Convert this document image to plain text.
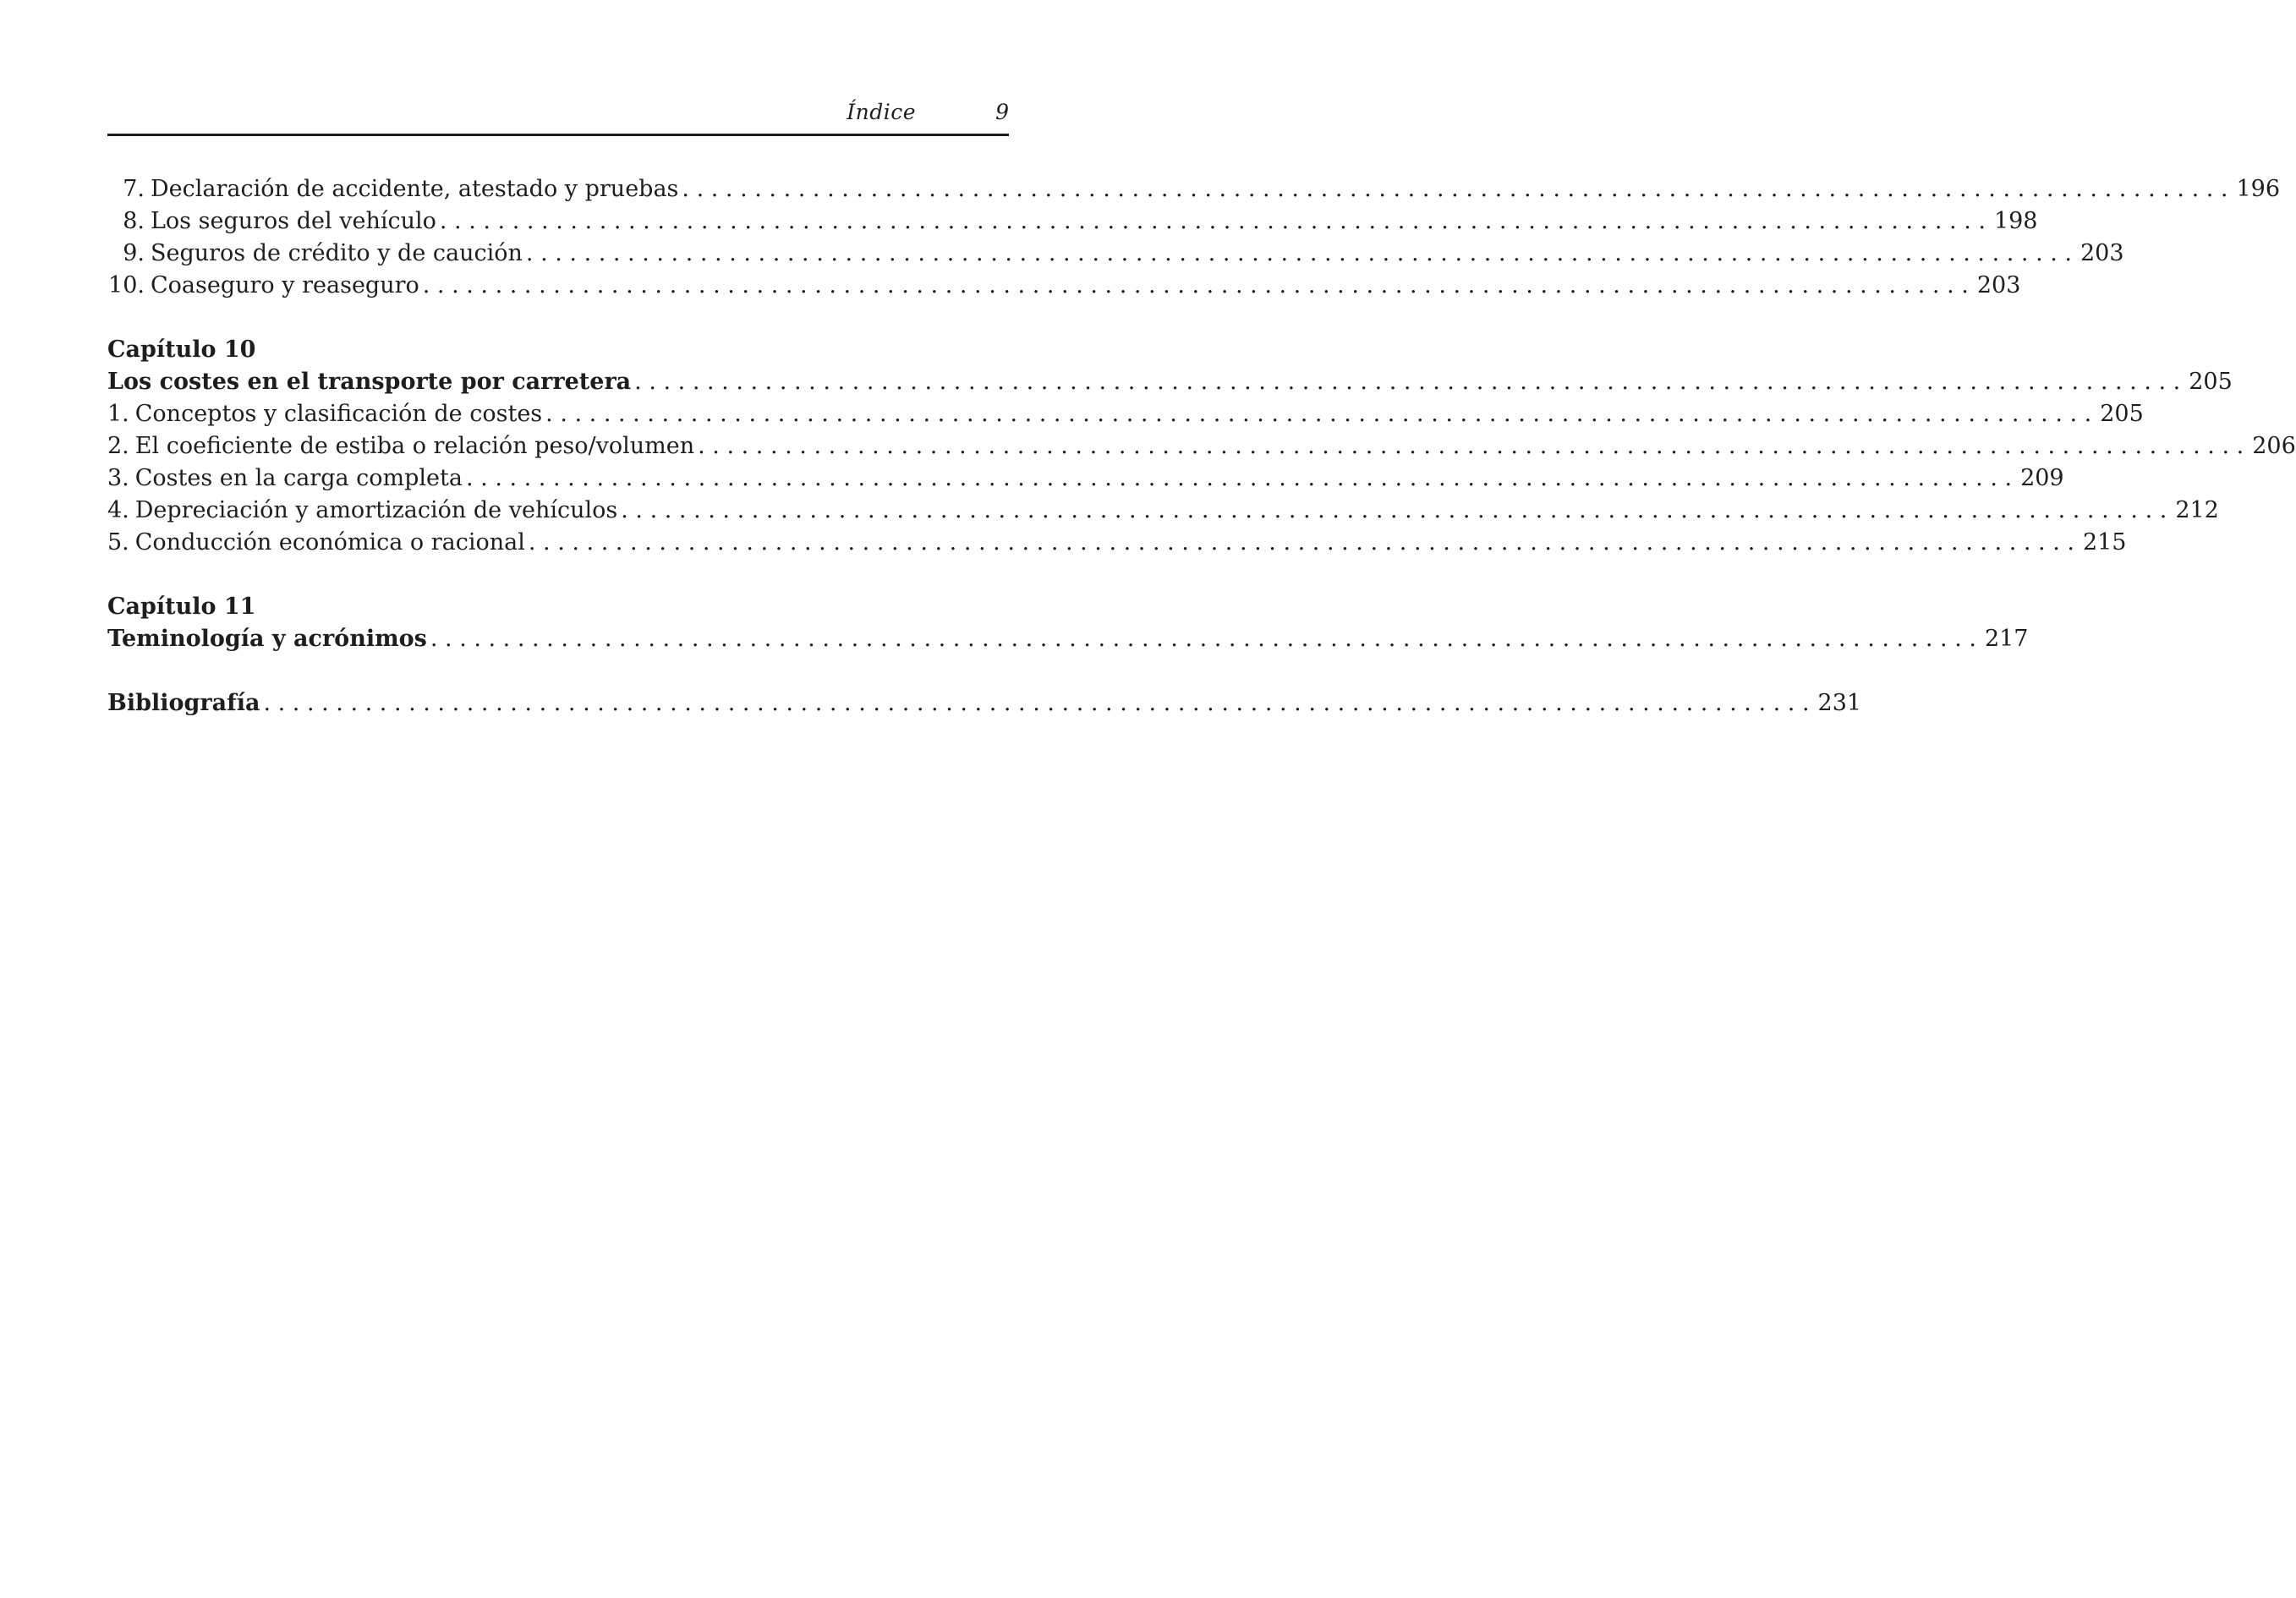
Índice	9
7. Declaración de accidente, atestado y pruebas . . .	196
8. Los seguros del vehículo . . .	198
9. Seguros de crédito y de caución . . .	203
10. Coaseguro y reaseguro . . .	203
Capítulo 10
Los costes en el transporte por carretera . . .	205
1. Conceptos y clasificación de costes . . .	205
2. El coeficiente de estiba o relación peso/volumen . . .	206
3. Costes en la carga completa . . .	209
4. Depreciación y amortización de vehículos . . .	212
5. Conducción económica o racional . . .	215
Capítulo 11
Teminología y acrónimos . . .	217
Bibliografía . . .	231
